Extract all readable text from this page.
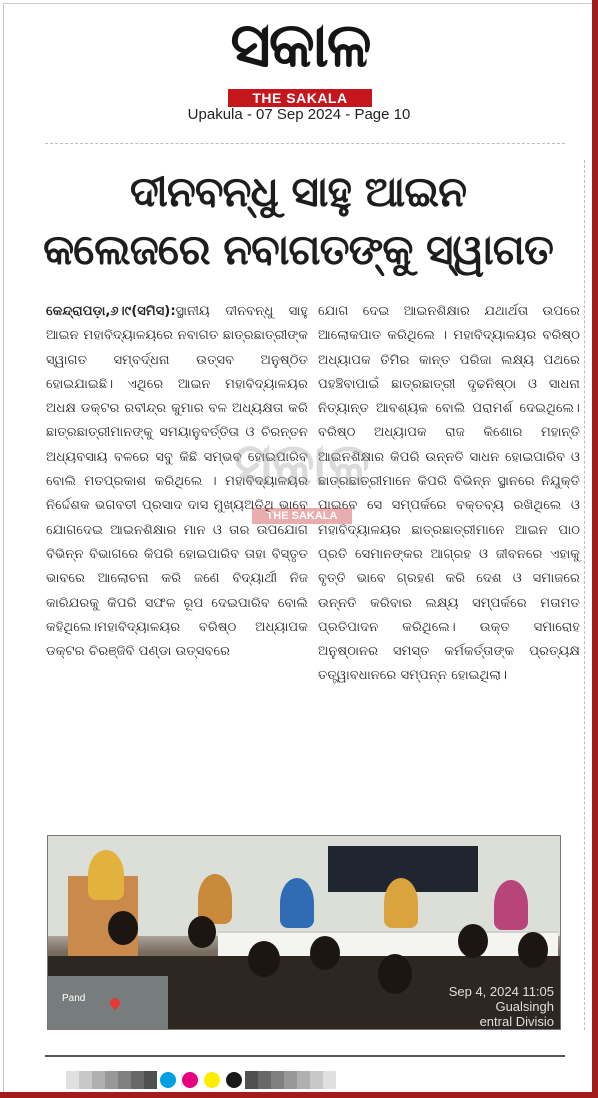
ସକାଳ
THE SAKALA
Upakula - 07 Sep 2024 - Page 10
ଦୀନବନ୍ଧୁ ସାହୁ ଆଇନ
କଲେଜରେ ନବାଗତଙ୍କୁ ସ୍ୱାଗତ

କେନ୍ଦ୍ରାପଡ଼ା,୬।୯(ସମିସ):ସ୍ଥାନୀୟ ଦୀନବନ୍ଧୁ ସାହୁ ଆଇନ ମହାବିଦ୍ୟାଳୟରେ ନବାଗତ ଛାତ୍ରଛାତ୍ରୀଙ୍କ ସ୍ୱାଗତ ସମ୍ବର୍ଦ୍ଧନା ଉତ୍ସବ ଅନୁଷ୍ଠିତ ହୋଇଯାଇଛି। ଏଥିରେ ଆଇନ ମହାବିଦ୍ୟାଳୟର ଅଧକ୍ଷ ଡକ୍ଟର ରବୀନ୍ଦ୍ର କୁମାର ବଳ ଅଧ୍ୟକ୍ଷତା କରି ଛାତ୍ରଛାତ୍ରୀମାନଙ୍କୁ ସମୟାନୁବର୍ତ୍ତିତା ଓ ଚିରନ୍ତନ ଅଧ୍ୟବସାୟ ବଳରେ ସବୁ କିଛି ସମ୍ଭବ ହୋଇପାରିବ ବୋଲି ମତପ୍ରକାଶ କରିଥିଲେ । ମହାବିଦ୍ୟାଳୟର ନିର୍ଦ୍ଦେଶକ ଭଗବତୀ ପ୍ରସାଦ ଦାସ ମୁଖ୍ୟଅତିଥି ଭାବେ ଯୋଗଦେଇ ଆଇନଶିକ୍ଷାର ମାନ ଓ ତାର ଉପଯୋଗ ବିଭିନ୍ନ ବିଭାଗରେ କିପରି ହୋଇପାରିବ ତାହା ବିସ୍ତୃତ ଭାବରେ ଆଲୋଚନା କରି ଜଣେ ବିଦ୍ୟାର୍ଥୀ ନିଜ କାରିଯରକୁ କିପରି ସଫଳ ରୂପ ଦେଇପାରିବ ବୋଲି କହିଥିଲେ।ମହାବିଦ୍ୟାଳୟର ବରିଷ୍ଠ ଅଧ୍ୟାପକ ଡକ୍ଟର ଚିରଞ୍ଜିବି ପଣ୍ଡା ଉତ୍ସବରେ

ଯୋଗ ଦେଇ ଆଇନଶିକ୍ଷାର ଯଥାର୍ଥତା ଉପରେ ଆଲୋକପାତ କରିଥିଲେ । ମହାବିଦ୍ୟାଳୟର ବରିଷ୍ଠ ଅଧ୍ୟାପକ ତିମିର କାନ୍ତ ପରିଜା ଲକ୍ଷ୍ୟ ପଥରେ ପହଞ୍ଚିବାପାଇଁ ଛାତ୍ରଛାତ୍ରୀ ଦୃଢନିଷ୍ଠା ଓ ସାଧନା ନିତ୍ୟାନ୍ତ ଆବଶ୍ୟକ ବୋଲି ପରାମର୍ଶ ଦେଇଥିଲେ। ବରିଷ୍ଠ ଅଧ୍ୟାପକ ରାଜ କିଶୋର ମହାନ୍ତି ଆଇନଶିକ୍ଷାର କିପରି ଉନ୍ନତି ସାଧନ ହୋଇପାରିବ ଓ ଛାତ୍ରଛାତ୍ରୀମାନେ କିପରି ବିଭିନ୍ନ ସ୍ଥାନରେ ନିଯୁକ୍ତି ପାଇବେ ସେ ସମ୍ପର୍କରେ ବକ୍ତବ୍ୟ ରଖିଥିଲେ ଓ ମହାବିଦ୍ୟାଳୟର ଛାତ୍ରଛାତ୍ରୀମାନେ ଆଇନ ପାଠ ପ୍ରତି ସେମାନଙ୍କର ଆଗ୍ରହ ଓ ଜୀବନରେ ଏହାକୁ ବୃତ୍ତି ଭାବେ ଗ୍ରହଣ କରି ଦେଶ ଓ ସମାଜରେ ଉନ୍ନତି କରିବାର ଲକ୍ଷ୍ୟ ସମ୍ପର୍କରେ ମତାମତ ପ୍ରତିପାଦନ କରିଥିଲେ। ଉକ୍ତ ସମାରୋହ ଅନୁଷ୍ଠାନର ସମସ୍ତ କର୍ମକର୍ତ୍ତାଙ୍କ ପ୍ରତ୍ୟକ୍ଷ ତତ୍ତ୍ୱାବଧାନରେ ସମ୍ପନ୍ନ ହୋଇଥିଲା।

ସକାଳ
THE SAKALA
Pand	Sep 4, 2024 11:05
Gualsingh
entral Divisio
